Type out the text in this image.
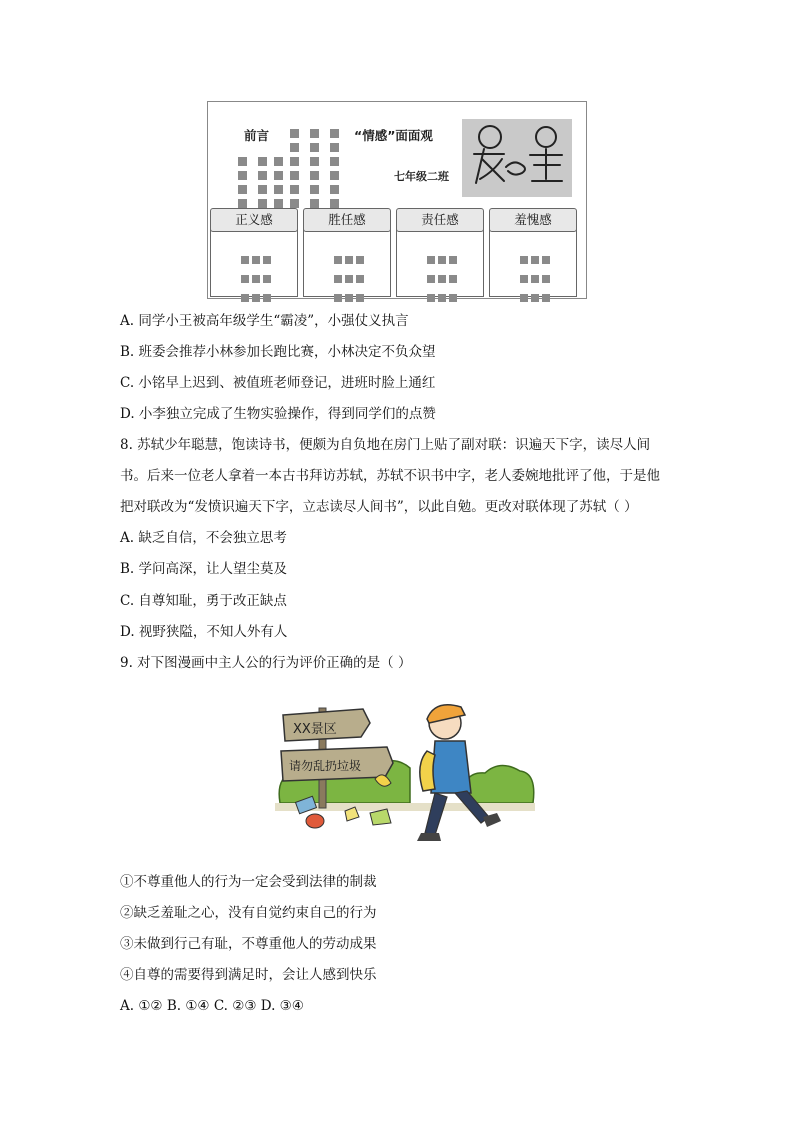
前言	“情感”面面观
七年级二班
正义感	胜任感	责任感	羞愧感
A. 同学小王被高年级学生“霸凌”，小强仗义执言
B. 班委会推荐小林参加长跑比赛，小林决定不负众望
C. 小铭早上迟到、被值班老师登记，进班时脸上通红
D. 小李独立完成了生物实验操作，得到同学们的点赞
8. 苏轼少年聪慧，饱读诗书，便颇为自负地在房门上贴了副对联：识遍天下字，读尽人间
书。后来一位老人拿着一本古书拜访苏轼，苏轼不识书中字，老人委婉地批评了他，于是他
把对联改为“发愤识遍天下字，立志读尽人间书”，以此自勉。更改对联体现了苏轼（ ）
A. 缺乏自信，不会独立思考
B. 学问高深，让人望尘莫及
C. 自尊知耻，勇于改正缺点
D. 视野狭隘，不知人外有人
9. 对下图漫画中主人公的行为评价正确的是（ ）
XX景区
请勿乱扔垃圾
①不尊重他人的行为一定会受到法律的制裁
②缺乏羞耻之心，没有自觉约束自己的行为
③未做到行己有耻，不尊重他人的劳动成果
④自尊的需要得到满足时，会让人感到快乐
A. ①② B. ①④ C. ②③ D. ③④
